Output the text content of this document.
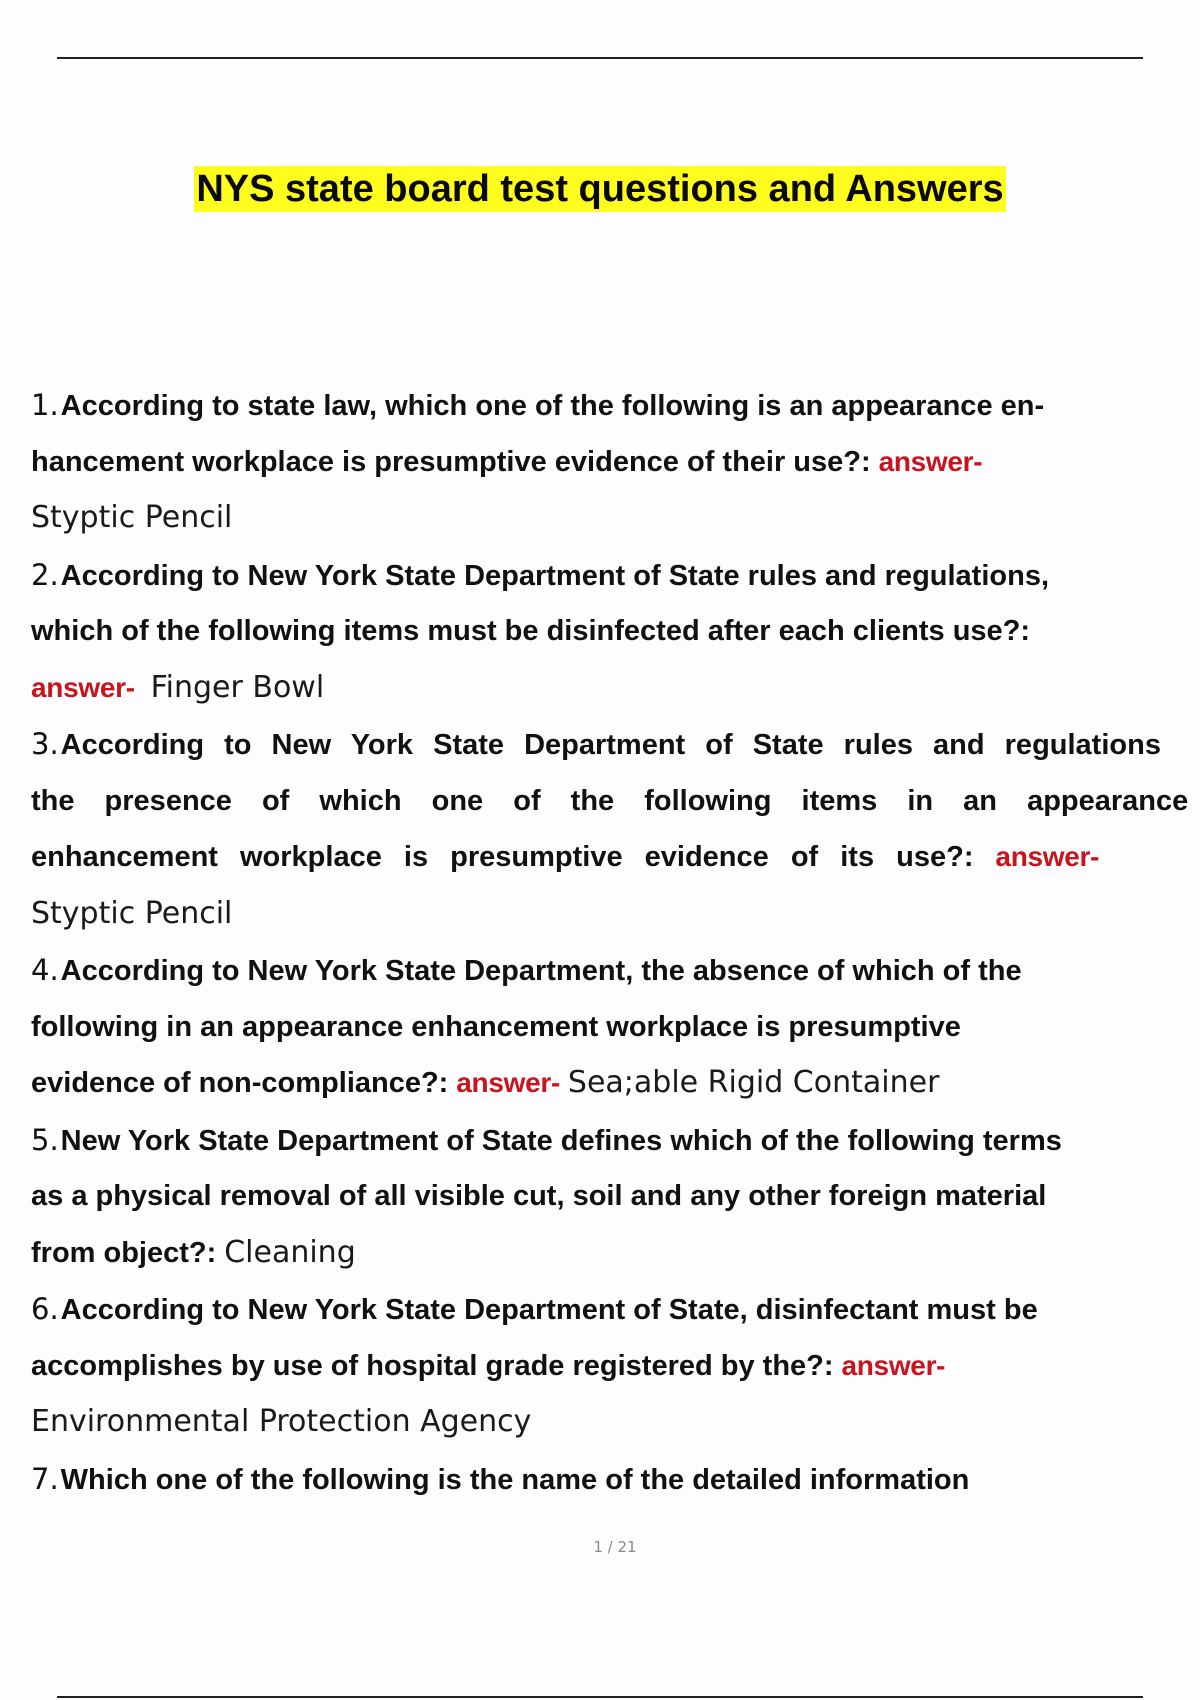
NYS state board test questions and Answers
1.According to state law, which one of the following is an appearance en-
hancement workplace is presumptive evidence of their use?: answer-
Styptic Pencil
2.According to New York State Department of State rules and regulations,
which of the following items must be disinfected after each clients use?:
answer- Finger Bowl
3.According to New York State Department of State rules and regulations
the presence of which one of the following items in an appearance
enhancement workplace is presumptive evidence of its use?: answer-
Styptic Pencil
4.According to New York State Department, the absence of which of the
following in an appearance enhancement workplace is presumptive
evidence of non-compliance?: answer- Sea;able Rigid Container
5.New York State Department of State defines which of the following terms
as a physical removal of all visible cut, soil and any other foreign material
from object?: Cleaning
6.According to New York State Department of State, disinfectant must be
accomplishes by use of hospital grade registered by the?: answer-
Environmental Protection Agency
7.Which one of the following is the name of the detailed information
1 / 21
